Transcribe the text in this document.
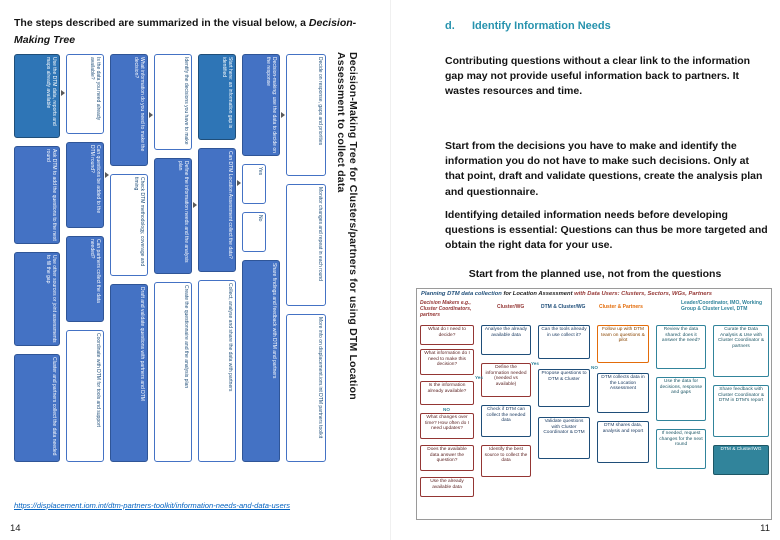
The steps described are summarized in the visual below, a Decision-Making Tree

Decision-Making Tree for Clusters/partners for using DTM Location Assessment to collect data
Use the DTM data, reports and maps already available
Ask DTM to add the questions to the next round
Use other sources or joint assessments to fill the gap
Cluster and partners collect the data needed
Is the data you need already available?
Can questions be added to the DTM round?
Can partners collect the data needed?
Coordinate with DTM for tools and support
What information do you need to make the decision?
Check DTM methodology, coverage and timing
Draft and validate questions with partners and DTM
Identify the decisions you have to make
Define the information needs and the analysis plan
Create the questionnaire and the analysis plan
Start here: an information gap is identified
Can DTM Location Assessment collect the data?
Collect, analyse and share the data with partners
Decision-making: use the data to decide on the response
Yes
No
Share findings and feedback with DTM and partners
Decide on response, gaps and priorities
Monitor changes and repeat in each round
More info on displacement.iom.int DTM partners toolkit
https://displacement.iom.int/dtm-partners-toolkit/information-needs-and-data-users
14
d. Identify Information Needs

Contributing questions without a clear link to the information gap may not provide useful information back to partners. It wastes resources and time.

Start from the decisions you have to make and identify the information you do not have to make such decisions. Only at that point, draft and validate questions, create the analysis plan and questionnaire.

Identifying detailed information needs before developing questions is essential: Questions can thus be more targeted and obtain the right data for your use.

Start from the planned use, not from the questions

Planning DTM data collection for Location Assessment with Data Users: Clusters, Sectors, WGs, Partners
Decision Makers e.g., Cluster Coordinators, partners
Cluster/WG	DTM & Cluster/WG	Cluster & Partners
Leader/Coordinator, IMO, Working Group & Cluster Level, DTM
What do I need to decide?
What information do I need to make this decision?
Is the information already available?
What changes over time? How often do I need updates?
Does the available data answer the question?
Use the already available data
Analyse the already available data
Define the information needed (needed vs available)
Check if DTM can collect the needed data
Identify the best source to collect the data
Can the tools already in use collect it?
Propose questions to DTM & Cluster
Validate questions with Cluster Coordinator & DTM
Follow up with DTM team on questions & pilot
DTM collects data in the Location Assessment
DTM shares data, analysis and report
Review the data shared: does it answer the need?
Use the data for decisions, response and gaps
If needed, request changes for the next round
Curate the Data Analysis & Use with Cluster Coordinator & partners
Share feedback with Cluster Coordinator & DTM in DTM's report
DTM & Cluster/WG
Yes
NO
Yes
NO
11
